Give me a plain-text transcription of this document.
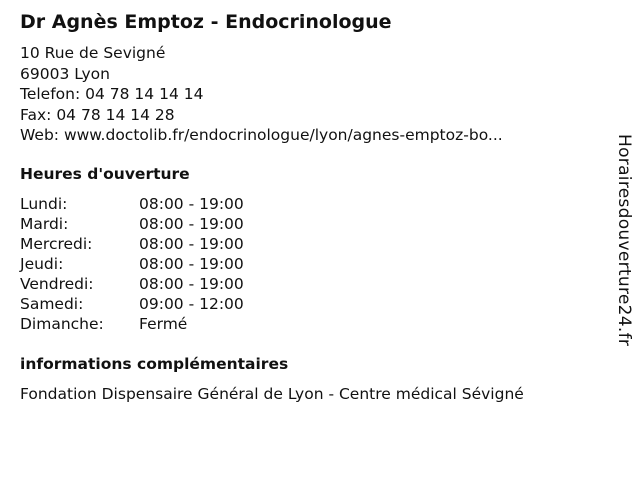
Dr Agnès Emptoz - Endocrinologue
10 Rue de Sevigné
69003 Lyon
Telefon: 04 78 14 14 14
Fax: 04 78 14 14 28
Web: www.doctolib.fr/endocrinologue/lyon/agnes-emptoz-bo...
Heures d'ouverture
Lundi:	08:00 - 19:00
Mardi:	08:00 - 19:00
Mercredi:	08:00 - 19:00
Jeudi:	08:00 - 19:00
Vendredi:	08:00 - 19:00
Samedi:	09:00 - 12:00
Dimanche:	Fermé
informations complémentaires
Fondation Dispensaire Général de Lyon - Centre médical Sévigné
Horairesdouverture24.fr
